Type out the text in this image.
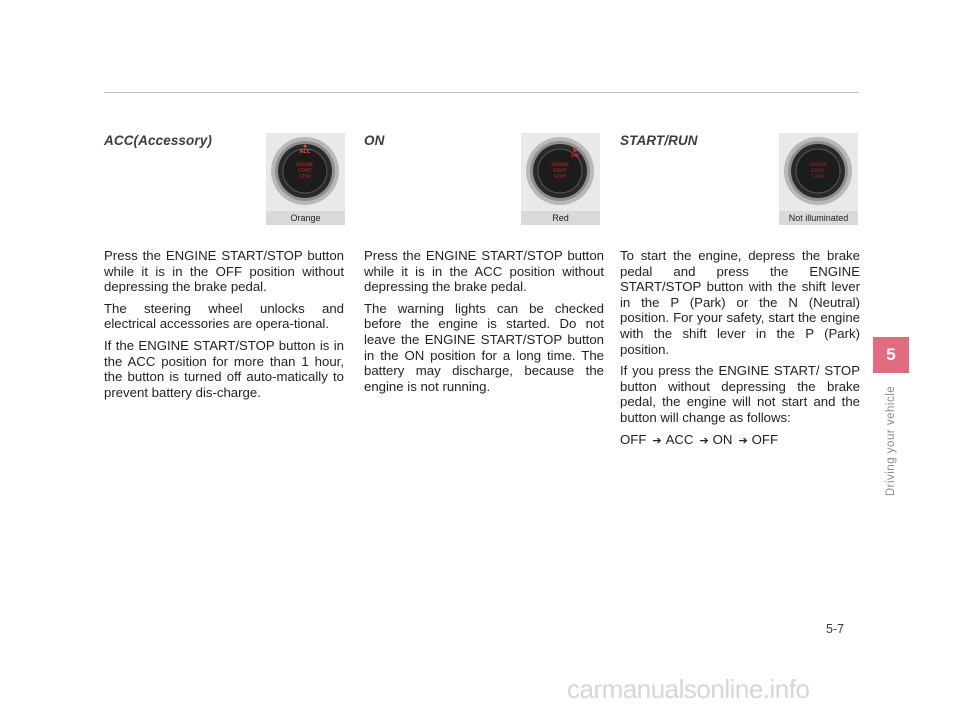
ACC(Accessory)
ACC
ENGINE
START
STOP
Orange

Press the ENGINE START/STOP button while it is in the OFF position without depressing the brake pedal.

The steering wheel unlocks and electrical accessories are opera-tional.

If the ENGINE START/STOP button is in the ACC position for more than 1 hour, the button is turned off auto-matically to prevent battery dis-charge.

ON
ENGINE
START
STOP
ON
Red

Press the ENGINE START/STOP button while it is in the ACC position without depressing the brake pedal.

The warning lights can be checked before the engine is started. Do not leave the ENGINE START/STOP button in the ON position for a long time. The battery may discharge, because the engine is not running.

START/RUN
ENGINE
START
STOP
Not illuminated

To start the engine, depress the brake pedal and press the ENGINE START/STOP button with the shift lever in the P (Park) or the N (Neutral) position. For your safety, start the engine with the shift lever in the P (Park) position.

If you press the ENGINE START/ STOP button without depressing the brake pedal, the engine will not start and the button will change as follows:

OFF ➔ ACC ➔ ON ➔ OFF

5
Driving your vehicle
5-7
carmanualsonline.info
